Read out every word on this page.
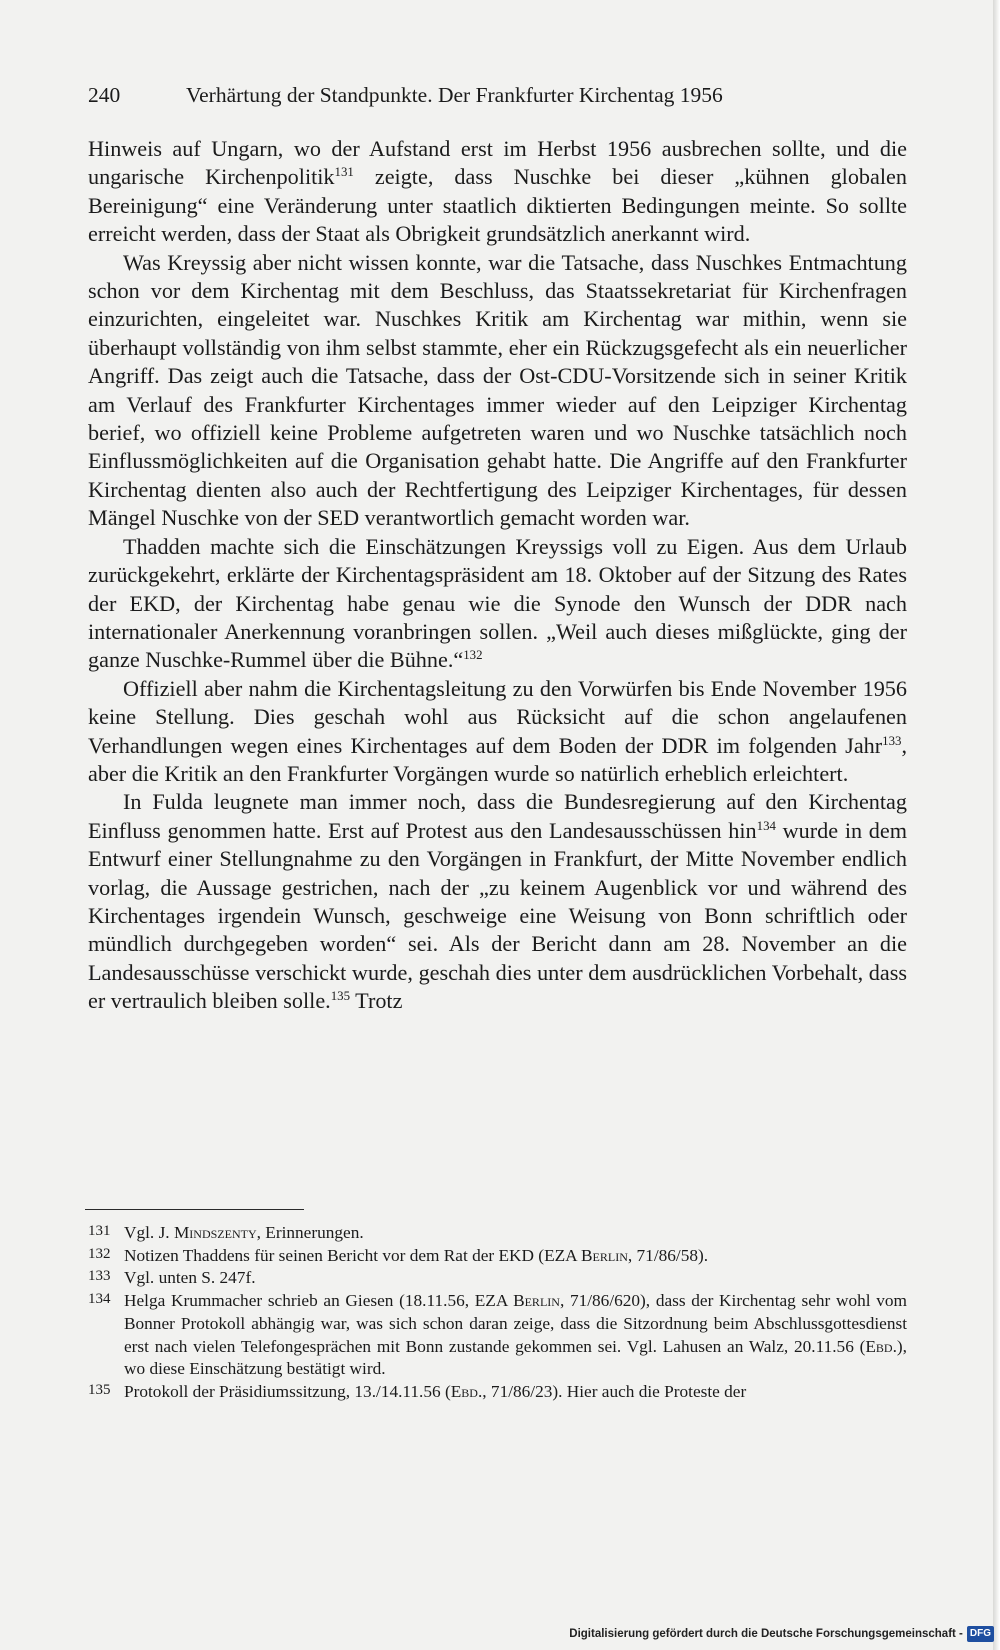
240	Verhärtung der Standpunkte. Der Frankfurter Kirchentag 1956

Hinweis auf Ungarn, wo der Aufstand erst im Herbst 1956 ausbrechen sollte, und die ungarische Kirchenpolitik$^{131}$ zeigte, dass Nuschke bei dieser „kühnen globalen Bereinigung“ eine Veränderung unter staatlich diktierten Bedingungen meinte. So sollte erreicht werden, dass der Staat als Obrigkeit grundsätzlich anerkannt wird.

Was Kreyssig aber nicht wissen konnte, war die Tatsache, dass Nuschkes Entmachtung schon vor dem Kirchentag mit dem Beschluss, das Staatssekretariat für Kirchenfragen einzurichten, eingeleitet war. Nuschkes Kritik am Kirchentag war mithin, wenn sie überhaupt vollständig von ihm selbst stammte, eher ein Rückzugsgefecht als ein neuerlicher Angriff. Das zeigt auch die Tatsache, dass der Ost-CDU-Vorsitzende sich in seiner Kritik am Verlauf des Frankfurter Kirchentages immer wieder auf den Leipziger Kirchentag berief, wo offiziell keine Probleme aufgetreten waren und wo Nuschke tatsächlich noch Einflussmöglichkeiten auf die Organisation gehabt hatte. Die Angriffe auf den Frankfurter Kirchentag dienten also auch der Rechtfertigung des Leipziger Kirchentages, für dessen Mängel Nuschke von der SED verantwortlich gemacht worden war.

Thadden machte sich die Einschätzungen Kreyssigs voll zu Eigen. Aus dem Urlaub zurückgekehrt, erklärte der Kirchentagspräsident am 18. Oktober auf der Sitzung des Rates der EKD, der Kirchentag habe genau wie die Synode den Wunsch der DDR nach internationaler Anerkennung voranbringen sollen. „Weil auch dieses mißglückte, ging der ganze Nuschke-Rummel über die Bühne.“$^{132}$

Offiziell aber nahm die Kirchentagsleitung zu den Vorwürfen bis Ende November 1956 keine Stellung. Dies geschah wohl aus Rücksicht auf die schon angelaufenen Verhandlungen wegen eines Kirchentages auf dem Boden der DDR im folgenden Jahr$^{133}$, aber die Kritik an den Frankfurter Vorgängen wurde so natürlich erheblich erleichtert.

In Fulda leugnete man immer noch, dass die Bundesregierung auf den Kirchentag Einfluss genommen hatte. Erst auf Protest aus den Landesausschüssen hin$^{134}$ wurde in dem Entwurf einer Stellungnahme zu den Vorgängen in Frankfurt, der Mitte November endlich vorlag, die Aussage gestrichen, nach der „zu keinem Augenblick vor und während des Kirchentages irgendein Wunsch, geschweige eine Weisung von Bonn schriftlich oder mündlich durchgegeben worden“ sei. Als der Bericht dann am 28. November an die Landesausschüsse verschickt wurde, geschah dies unter dem ausdrücklichen Vorbehalt, dass er vertraulich bleiben solle.$^{135}$ Trotz

131 Vgl. J. Mindszenty, Erinnerungen.
132 Notizen Thaddens für seinen Bericht vor dem Rat der EKD (EZA Berlin, 71/86/58).
133 Vgl. unten S. 247f.
134 Helga Krummacher schrieb an Giesen (18.11.56, EZA Berlin, 71/86/620), dass der Kirchentag sehr wohl vom Bonner Protokoll abhängig war, was sich schon daran zeige, dass die Sitzordnung beim Abschlussgottesdienst erst nach vielen Telefongesprächen mit Bonn zustande gekommen sei. Vgl. Lahusen an Walz, 20.11.56 (Ebd.), wo diese Einschätzung bestätigt wird.
135 Protokoll der Präsidiumssitzung, 13./14.11.56 (Ebd., 71/86/23). Hier auch die Proteste der
Digitalisierung gefördert durch die Deutsche Forschungsgemeinschaft - DFG
